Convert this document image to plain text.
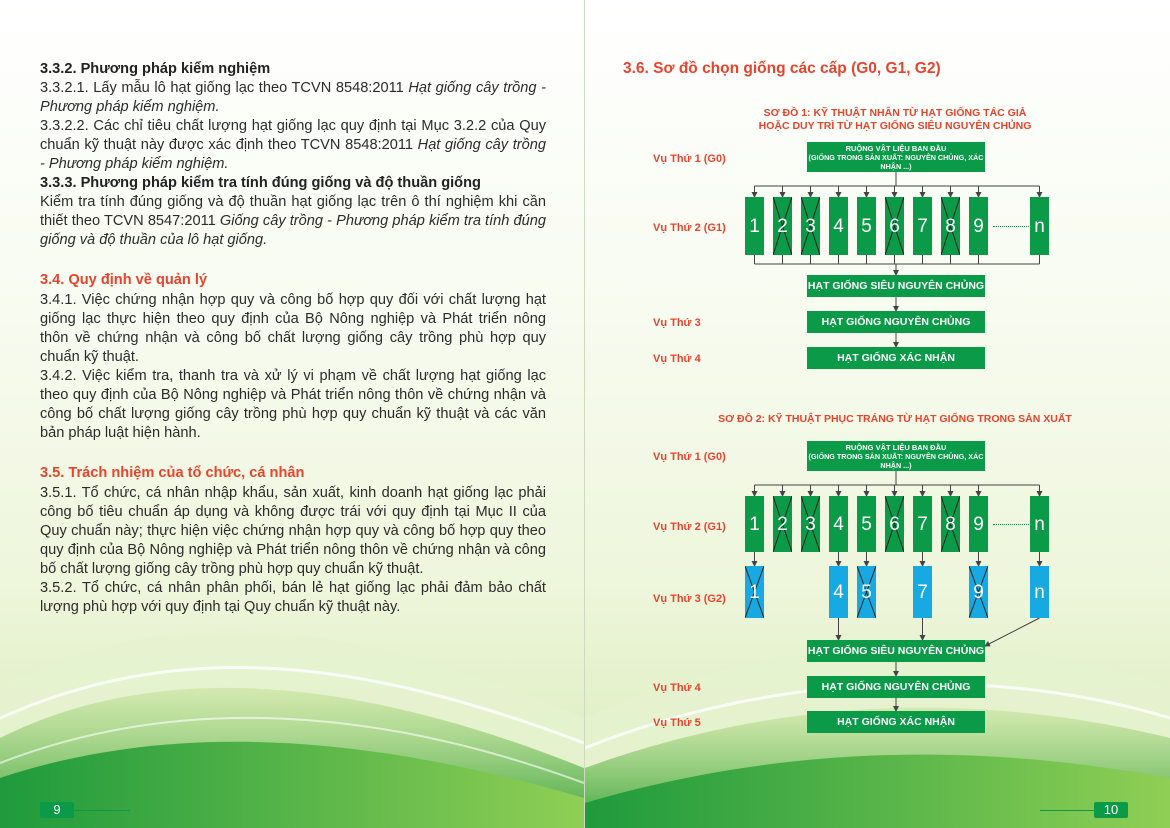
3.3.2. Phương pháp kiểm nghiệm

3.3.2.1. Lấy mẫu lô hạt giống lạc theo TCVN 8548:2011 Hạt giống cây trồng - Phương pháp kiểm nghiệm.

3.3.2.2. Các chỉ tiêu chất lượng hạt giống lạc quy định tại Mục 3.2.2 của Quy chuẩn kỹ thuật này được xác định theo TCVN 8548:2011 Hạt giống cây trồng - Phương pháp kiểm nghiệm.

3.3.3. Phương pháp kiểm tra tính đúng giống và độ thuần giống

Kiểm tra tính đúng giống và độ thuần hạt giống lạc trên ô thí nghiệm khi cần thiết theo TCVN 8547:2011 Giống cây trồng - Phương pháp kiểm tra tính đúng giống và độ thuần của lô hạt giống.

3.4. Quy định về quản lý

3.4.1. Việc chứng nhận hợp quy và công bố hợp quy đối với chất lượng hạt giống lạc thực hiện theo quy định của Bộ Nông nghiệp và Phát triển nông thôn về chứng nhận và công bố chất lượng giống cây trồng phù hợp quy chuẩn kỹ thuật.

3.4.2. Việc kiểm tra, thanh tra và xử lý vi phạm về chất lượng hạt giống lạc theo quy định của Bộ Nông nghiệp và Phát triển nông thôn về chứng nhận và công bố chất lượng giống cây trồng phù hợp quy chuẩn kỹ thuật và các văn bản pháp luật hiện hành.

3.5. Trách nhiệm của tổ chức, cá nhân

3.5.1. Tổ chức, cá nhân nhập khẩu, sản xuất, kinh doanh hạt giống lạc phải công bố tiêu chuẩn áp dụng và không được trái với quy định tại Mục II của Quy chuẩn này; thực hiện việc chứng nhận hợp quy và công bố hợp quy theo quy định của Bộ Nông nghiệp và Phát triển nông thôn về chứng nhận và công bố chất lượng giống cây trồng phù hợp quy chuẩn kỹ thuật.

3.5.2. Tổ chức, cá nhân phân phối, bán lẻ hạt giống lạc phải đảm bảo chất lượng phù hợp với quy định tại Quy chuẩn kỹ thuật này.

9
3.6. Sơ đồ chọn giống các cấp (G0, G1, G2)
SƠ ĐỒ 1: KỸ THUẬT NHÂN TỪ HẠT GIỐNG TÁC GIẢ
HOẶC DUY TRÌ TỪ HẠT GIỐNG SIÊU NGUYÊN CHỦNG
Vụ Thứ 1 (G0)
Vụ Thứ 2 (G1)
Vụ Thứ 3
Vụ Thứ 4
RUỘNG VẬT LIỆU BAN ĐẦU
(GIỐNG TRONG SẢN XUẤT: NGUYÊN CHỦNG, XÁC NHẬN ...)
1 2 3 4 5 6 7 8 9	n
HẠT GIỐNG SIÊU NGUYÊN CHỦNG
HẠT GIỐNG NGUYÊN CHỦNG
HẠT GIỐNG XÁC NHẬN
SƠ ĐỒ 2: KỸ THUẬT PHỤC TRÁNG TỪ HẠT GIỐNG TRONG SẢN XUẤT
Vụ Thứ 1 (G0)
Vụ Thứ 2 (G1)
Vụ Thứ 3 (G2)
Vụ Thứ 4
Vụ Thứ 5
RUỘNG VẬT LIỆU BAN ĐẦU
(GIỐNG TRONG SẢN XUẤT: NGUYÊN CHỦNG, XÁC NHẬN ...)
1 2 3 4 5 6 7 8 9	n
1	4 5 7 9	n
HẠT GIỐNG SIÊU NGUYÊN CHỦNG
HẠT GIỐNG NGUYÊN CHỦNG
HẠT GIỐNG XÁC NHẬN
10
